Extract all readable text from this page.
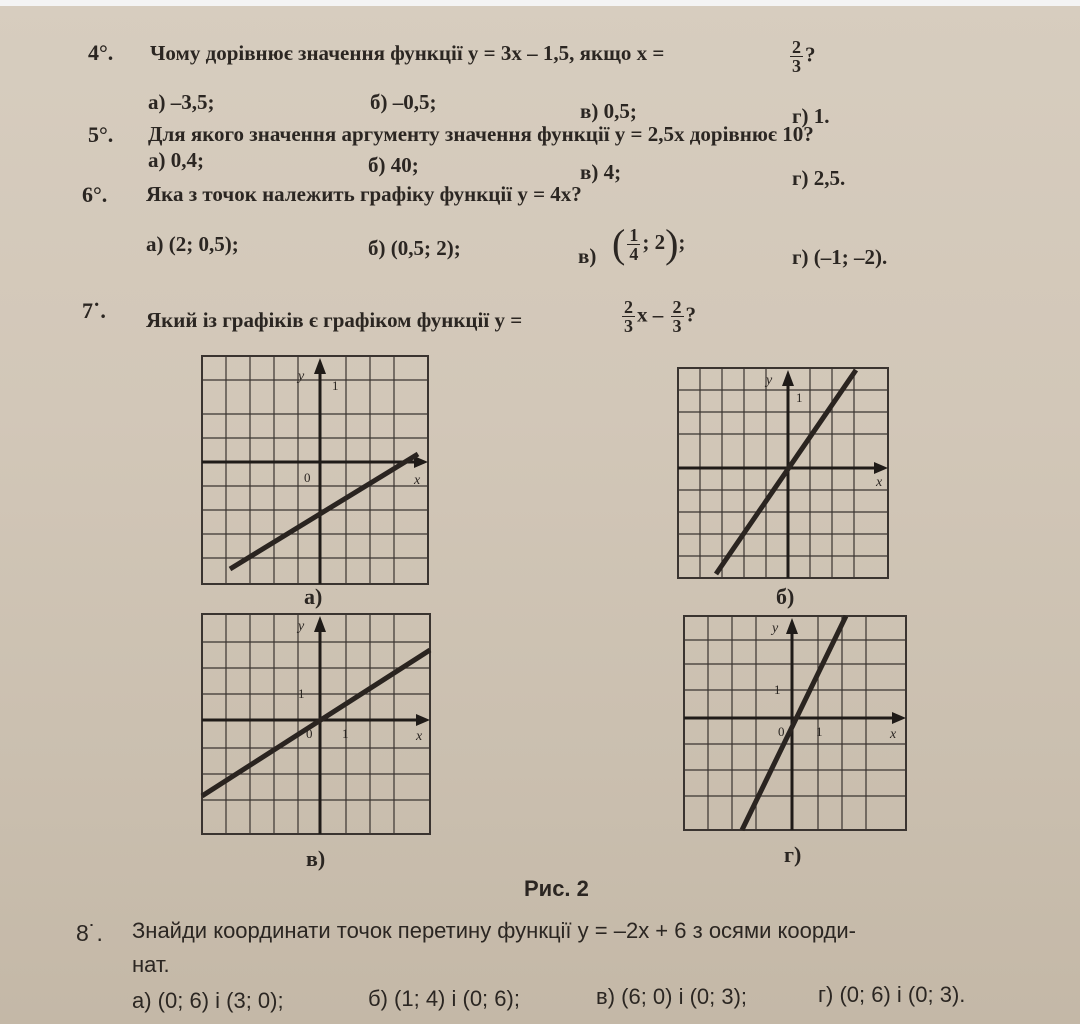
4°. Чому дорівнює значення функції y = 3x – 1,5, якщо x =	$\frac{2}{3}$ ?
а) –3,5;	б) –0,5;	в) 0,5;	г) 1.
5°. Для якого значення аргументу значення функції y = 2,5x дорівнює 10?
а) 0,4;	б) 40;	в) 4;	г) 2,5.
6°. Яка з точок належить графіку функції y = 4x?
а) (2; 0,5);	б) (0,5; 2);	в) ( $\frac{1}{4}$ ; 2);
г) (–1; –2).
7˙. Який із графіків є графіком функції y =	$\frac{2}{3}$ x – $\frac{2}{3}$ ?
y
1
0	x
а)
y
1
x
б)
y
1
0 1	x
в)
y
1
0 1	x
г)
Рис. 2
8˙. Знайди координати точок перетину функції y = –2x + 6 з осями коорди-
нат.
а) (0; 6) і (3; 0);	б) (1; 4) і (0; 6);	в) (6; 0) і (0; 3);	г) (0; 6) і (0; 3).
